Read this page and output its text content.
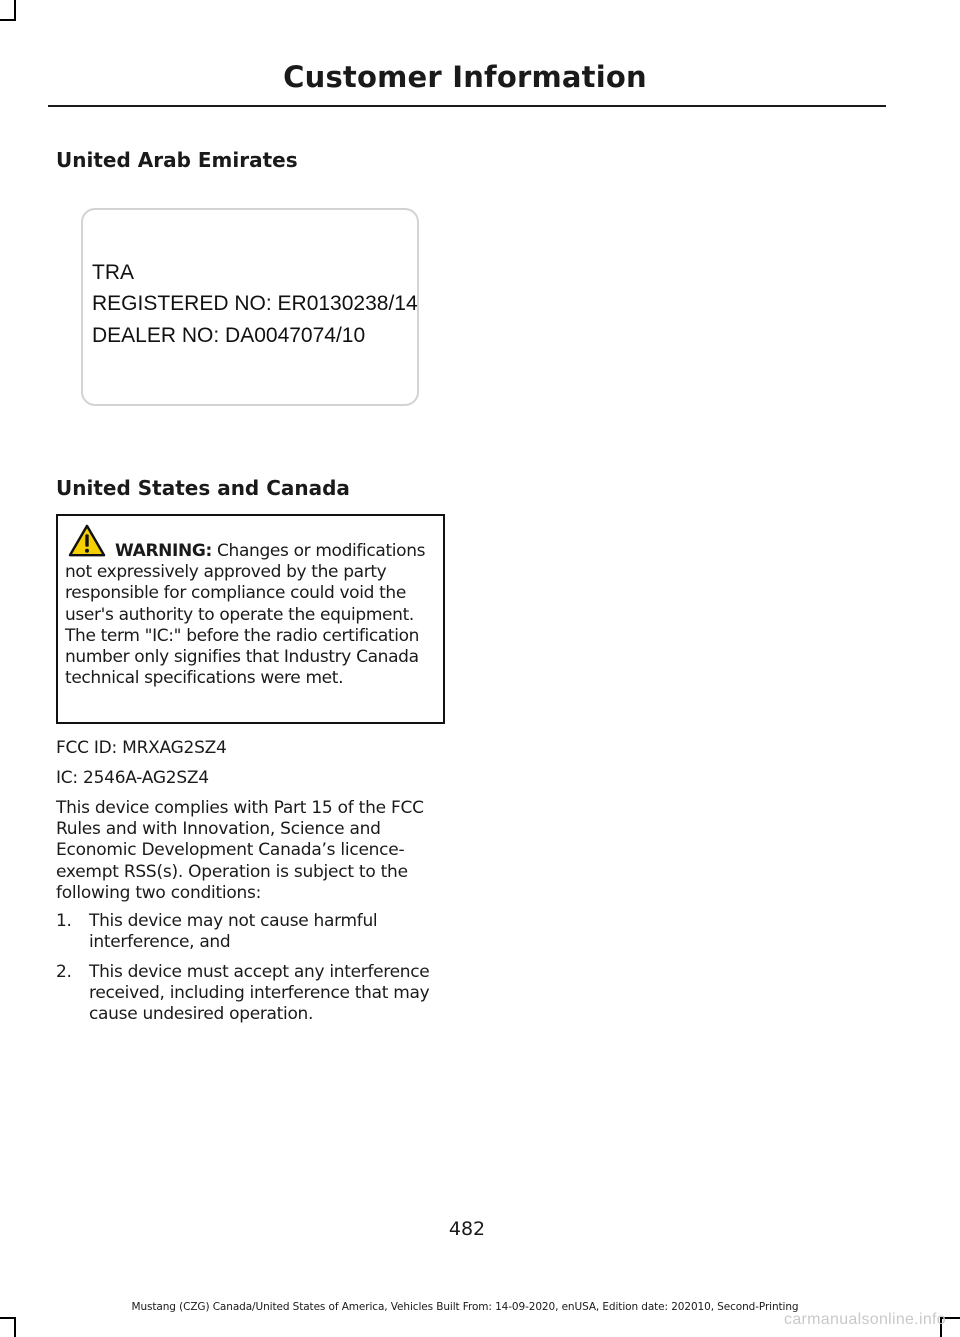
Customer Information
United Arab Emirates
TRA
REGISTERED NO: ER0130238/14
DEALER NO: DA0047074/10
United States and Canada

WARNING: Changes or modifications not expressively approved by the party responsible for compliance could void the user's authority to operate the equipment. The term "IC:" before the radio certification number only signifies that Industry Canada technical specifications were met.

FCC ID: MRXAG2SZ4

IC: 2546A-AG2SZ4

This device complies with Part 15 of the FCC Rules and with Innovation, Science and Economic Development Canada’s licence-exempt RSS(s). Operation is subject to the following two conditions:

1. This device may not cause harmful interference, and
2. This device must accept any interference received, including interference that may cause undesired operation.
482
Mustang (CZG) Canada/United States of America, Vehicles Built From: 14-09-2020, enUSA, Edition date: 202010, Second-Printing
carmanualsonline.info
